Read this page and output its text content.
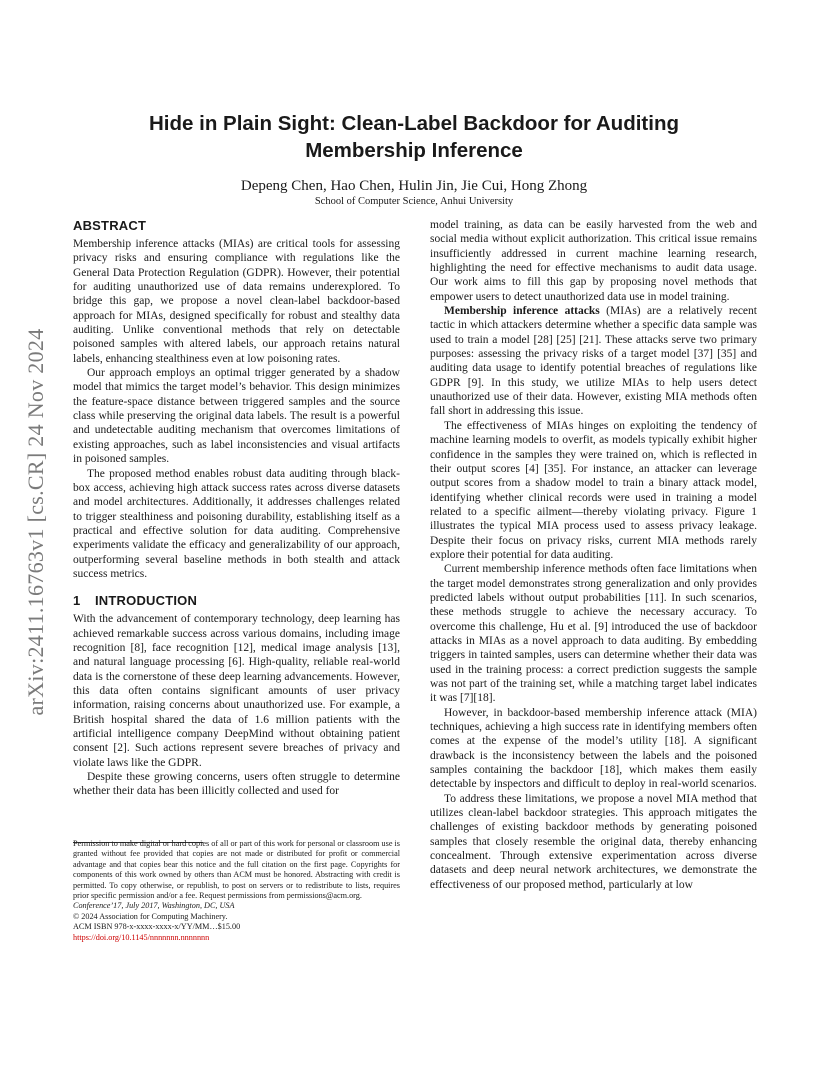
arXiv:2411.16763v1 [cs.CR] 24 Nov 2024
Hide in Plain Sight: Clean-Label Backdoor for Auditing Membership Inference
Depeng Chen, Hao Chen, Hulin Jin, Jie Cui, Hong Zhong
School of Computer Science, Anhui University
ABSTRACT

Membership inference attacks (MIAs) are critical tools for assessing privacy risks and ensuring compliance with regulations like the General Data Protection Regulation (GDPR). However, their potential for auditing unauthorized use of data remains underexplored. To bridge this gap, we propose a novel clean-label backdoor-based approach for MIAs, designed specifically for robust and stealthy data auditing. Unlike conventional methods that rely on detectable poisoned samples with altered labels, our approach retains natural labels, enhancing stealthiness even at low poisoning rates.

Our approach employs an optimal trigger generated by a shadow model that mimics the target model’s behavior. This design minimizes the feature-space distance between triggered samples and the source class while preserving the original data labels. The result is a powerful and undetectable auditing mechanism that overcomes limitations of existing approaches, such as label inconsistencies and visual artifacts in poisoned samples.

The proposed method enables robust data auditing through black-box access, achieving high attack success rates across diverse datasets and model architectures. Additionally, it addresses challenges related to trigger stealthiness and poisoning durability, establishing itself as a practical and effective solution for data auditing. Comprehensive experiments validate the efficacy and generalizability of our approach, outperforming several baseline methods in both stealth and attack success metrics.

1 INTRODUCTION

With the advancement of contemporary technology, deep learning has achieved remarkable success across various domains, including image recognition [8], face recognition [12], medical image analysis [13], and natural language processing [6]. High-quality, reliable real-world data is the cornerstone of these deep learning advancements. However, this data often contains significant amounts of user privacy information, raising concerns about unauthorized use. For example, a British hospital shared the data of 1.6 million patients with the artificial intelligence company DeepMind without obtaining patient consent [2]. Such actions represent severe breaches of privacy and violate laws like the GDPR.

Despite these growing concerns, users often struggle to determine whether their data has been illicitly collected and used for

model training, as data can be easily harvested from the web and social media without explicit authorization. This critical issue remains insufficiently addressed in current machine learning research, highlighting the need for effective mechanisms to audit data usage. Our work aims to fill this gap by proposing novel methods that empower users to detect unauthorized data use in model training.

Membership inference attacks (MIAs) are a relatively recent tactic in which attackers determine whether a specific data sample was used to train a model [28] [25] [21]. These attacks serve two primary purposes: assessing the privacy risks of a target model [37] [35] and auditing data usage to identify potential breaches of regulations like GDPR [9]. In this study, we utilize MIAs to help users detect unauthorized use of their data. However, existing MIA methods often fall short in addressing this issue.

The effectiveness of MIAs hinges on exploiting the tendency of machine learning models to overfit, as models typically exhibit higher confidence in the samples they were trained on, which is reflected in their output scores [4] [35]. For instance, an attacker can leverage output scores from a shadow model to train a binary attack model, identifying whether clinical records were used in training a model related to a specific ailment—thereby violating privacy. Figure 1 illustrates the typical MIA process used to assess privacy leakage. Despite their focus on privacy risks, current MIA methods rarely explore their potential for data auditing.

Current membership inference methods often face limitations when the target model demonstrates strong generalization and only provides predicted labels without output probabilities [11]. In such scenarios, these methods struggle to achieve the necessary accuracy. To overcome this challenge, Hu et al. [9] introduced the use of backdoor attacks in MIAs as a novel approach to data auditing. By embedding triggers in tainted samples, users can determine whether their data was used in the training process: a correct prediction suggests the sample was not part of the training set, while a matching target label indicates it was [7][18].

However, in backdoor-based membership inference attack (MIA) techniques, achieving a high success rate in identifying members often comes at the expense of the model’s utility [18]. A significant drawback is the inconsistency between the labels and the poisoned samples containing the backdoor [18], which makes them easily detectable by inspectors and difficult to deploy in real-world scenarios.

To address these limitations, we propose a novel MIA method that utilizes clean-label backdoor strategies. This approach mitigates the challenges of existing backdoor methods by generating poisoned samples that closely resemble the original data, thereby enhancing concealment. Through extensive experimentation across diverse datasets and deep neural network architectures, we demonstrate the effectiveness of our proposed method, particularly at low

Permission to make digital or hard copies of all or part of this work for personal or classroom use is granted without fee provided that copies are not made or distributed for profit or commercial advantage and that copies bear this notice and the full citation on the first page. Copyrights for components of this work owned by others than ACM must be honored. Abstracting with credit is permitted. To copy otherwise, or republish, to post on servers or to redistribute to lists, requires prior specific permission and/or a fee. Request permissions from permissions@acm.org.

Conference’17, July 2017, Washington, DC, USA

© 2024 Association for Computing Machinery.

ACM ISBN 978-x-xxxx-xxxx-x/YY/MM…$15.00

https://doi.org/10.1145/nnnnnnn.nnnnnnn
